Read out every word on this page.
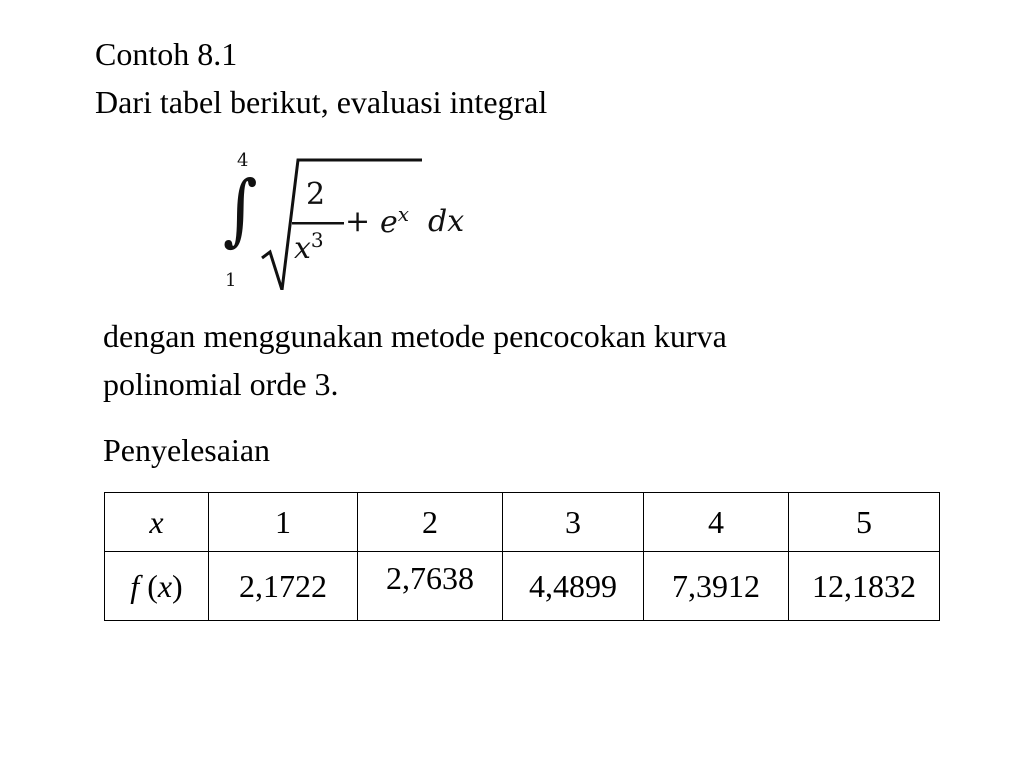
Contoh 8.1
Dari tabel berikut, evaluasi integral
4
∫
1
2
$x^3$
+ $e^x$ dx
dengan menggunakan metode pencocokan kurva
polinomial orde 3.
Penyelesaian
x	1	2	3	4	5
f (x)	2,1722	2,7638	4,4899	7,3912	12,1832
